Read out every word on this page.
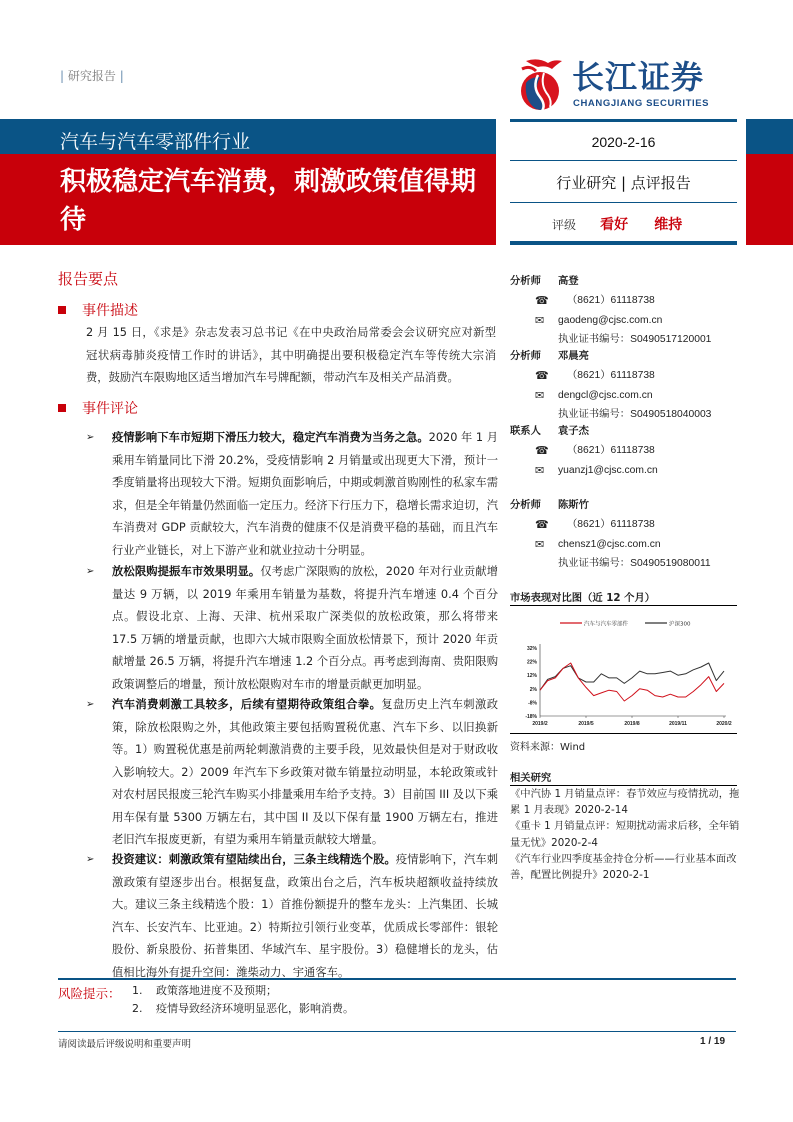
| 研究报告 |	长江证券
CHANGJIANG SECURITIES
汽车与汽车零部件行业
积极稳定汽车消费，刺激政策值得期待
2020-2-16
行业研究 | 点评报告
评级 看好 维持
报告要点
事件描述
2 月 15 日，《求是》杂志发表习总书记《在中央政治局常委会会议研究应对新型冠状病毒肺炎疫情工作时的讲话》，其中明确提出要积极稳定汽车等传统大宗消费，鼓励汽车限购地区适当增加汽车号牌配额，带动汽车及相关产品消费。
事件评论
➢ 疫情影响下车市短期下滑压力较大，稳定汽车消费为当务之急。2020 年 1 月乘用车销量同比下滑 20.2%，受疫情影响 2 月销量或出现更大下滑，预计一季度销量将出现较大下滑。短期负面影响后，中期或刺激首购刚性的私家车需求，但是全年销量仍然面临一定压力。经济下行压力下，稳增长需求迫切，汽车消费对 GDP 贡献较大，汽车消费的健康不仅是消费平稳的基础，而且汽车行业产业链长，对上下游产业和就业拉动十分明显。
➢ 放松限购提振车市效果明显。仅考虑广深限购的放松，2020 年对行业贡献增量达 9 万辆，以 2019 年乘用车销量为基数，将提升汽车增速 0.4 个百分点。假设北京、上海、天津、杭州采取广深类似的放松政策，那么将带来 17.5 万辆的增量贡献，也即六大城市限购全面放松情景下，预计 2020 年贡献增量 26.5 万辆，将提升汽车增速 1.2 个百分点。再考虑到海南、贵阳限购政策调整后的增量，预计放松限购对车市的增量贡献更加明显。
➢ 汽车消费刺激工具较多，后续有望期待政策组合拳。复盘历史上汽车刺激政策，除放松限购之外，其他政策主要包括购置税优惠、汽车下乡、以旧换新等。1）购置税优惠是前两轮刺激消费的主要手段，见效最快但是对于财政收入影响较大。2）2009 年汽车下乡政策对微车销量拉动明显，本轮政策或针对农村居民报废三轮汽车购买小排量乘用车给予支持。3）目前国 III 及以下乘用车保有量 5300 万辆左右，其中国 II 及以下保有量 1900 万辆左右，推进老旧汽车报废更新，有望为乘用车销量贡献较大增量。
➢ 投资建议：刺激政策有望陆续出台，三条主线精选个股。疫情影响下，汽车刺激政策有望逐步出台。根据复盘，政策出台之后，汽车板块超额收益持续放大。建议三条主线精选个股：1）首推份额提升的整车龙头：上汽集团、长城汽车、长安汽车、比亚迪。2）特斯拉引领行业变革，优质成长零部件：银轮股份、新泉股份、拓普集团、华域汽车、星宇股份。3）稳健增长的龙头，估值相比海外有提升空间：潍柴动力、宇通客车。
分析师 高登
☎ （8621）61118738
✉ gaodeng@cjsc.com.cn
执业证书编号：S0490517120001
分析师 邓晨亮
☎ （8621）61118738
✉ dengcl@cjsc.com.cn
执业证书编号：S0490518040003
联系人 袁子杰
☎ （8621）61118738
✉ yuanzj1@cjsc.com.cn
分析师 陈斯竹
☎ （8621）61118738
✉ chensz1@cjsc.com.cn
执业证书编号：S0490519080011
市场表现对比图（近 12 个月）
汽车与汽车零部件	沪深300
32%
22%
12%
2%
-8%
-18%
2019/2	2019/5	2019/8	2019/11	2020/2
资料来源：Wind
相关研究
《中汽协 1 月销量点评：春节效应与疫情扰动，拖累 1 月表现》2020-2-14
《重卡 1 月销量点评：短期扰动需求后移，全年销量无忧》2020-2-4
《汽车行业四季度基金持仓分析——行业基本面改善，配置比例提升》2020-2-1
风险提示： 1. 政策落地进度不及预期；
2. 疫情导致经济环境明显恶化，影响消费。
请阅读最后评级说明和重要声明	1 / 19
